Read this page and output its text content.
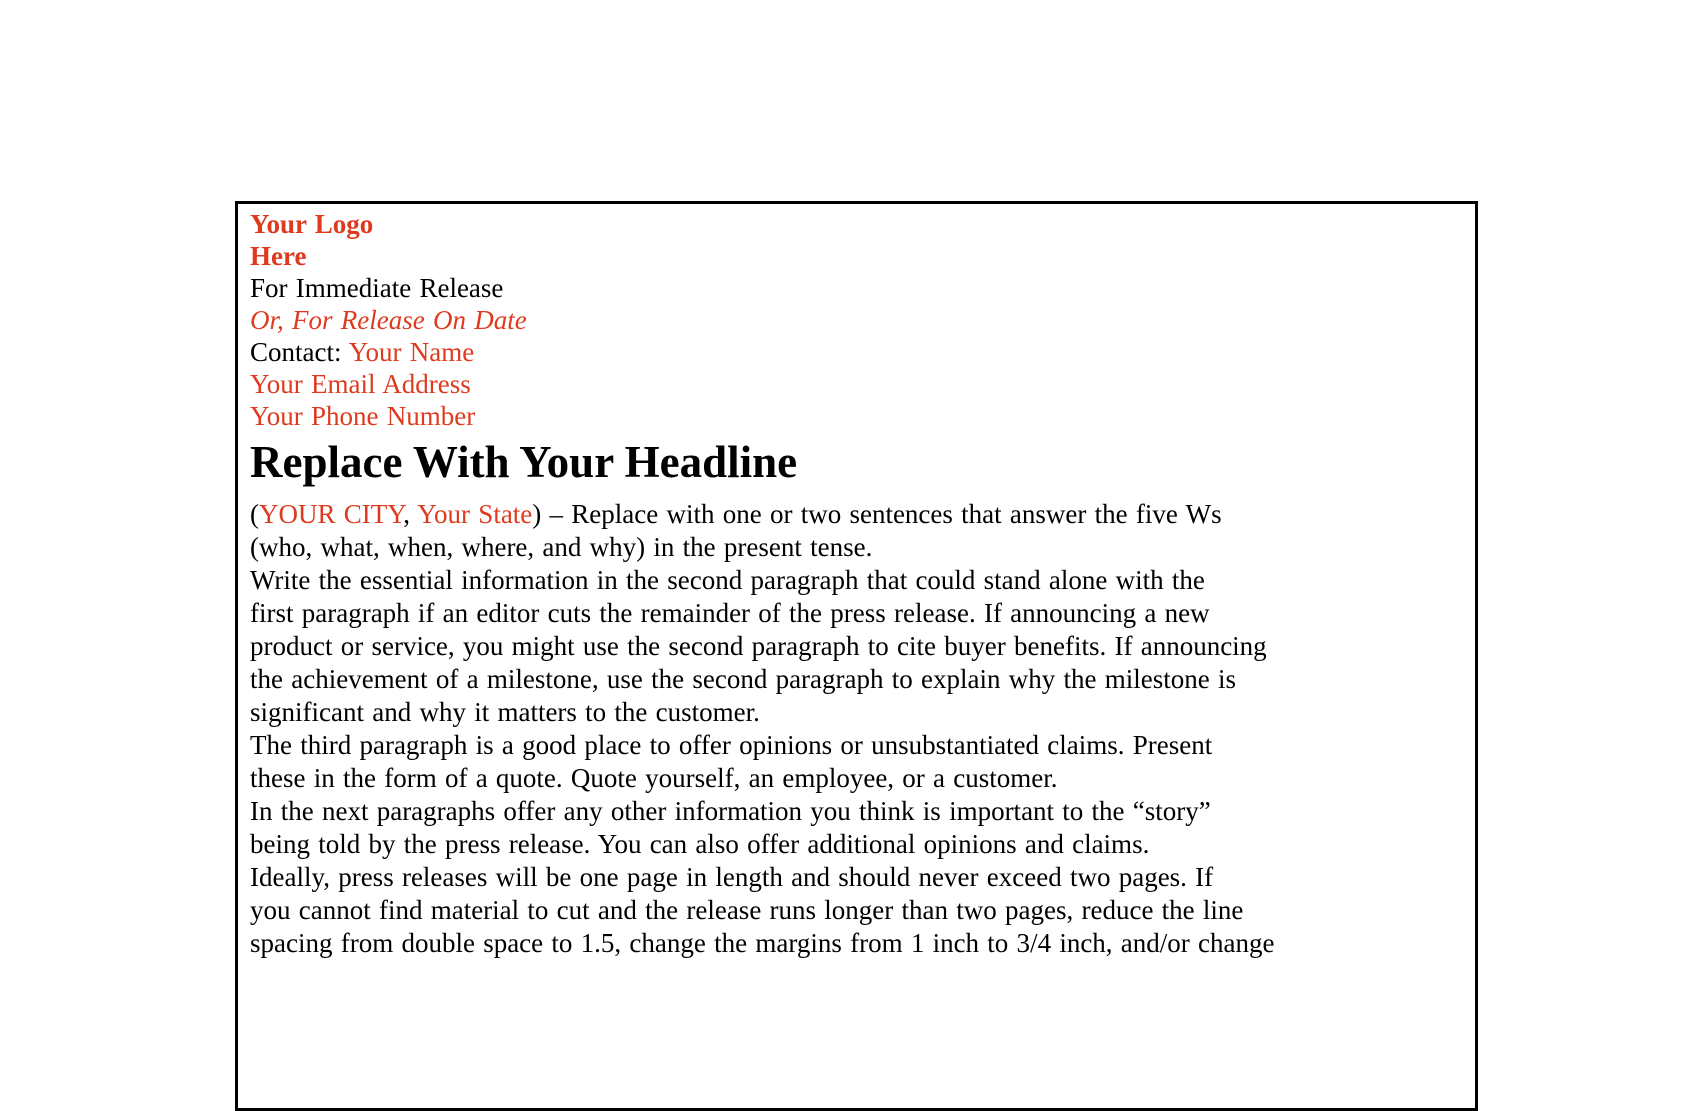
Your Logo
Here
For Immediate Release
Or, For Release On Date
Contact: Your Name
Your Email Address
Your Phone Number
Replace With Your Headline
(YOUR CITY, Your State) – Replace with one or two sentences that answer the five Ws
(who, what, when, where, and why) in the present tense.
Write the essential information in the second paragraph that could stand alone with the
first paragraph if an editor cuts the remainder of the press release. If announcing a new
product or service, you might use the second paragraph to cite buyer benefits. If announcing
the achievement of a milestone, use the second paragraph to explain why the milestone is
significant and why it matters to the customer.
The third paragraph is a good place to offer opinions or unsubstantiated claims. Present
these in the form of a quote. Quote yourself, an employee, or a customer.
In the next paragraphs offer any other information you think is important to the “story”
being told by the press release. You can also offer additional opinions and claims.
Ideally, press releases will be one page in length and should never exceed two pages. If
you cannot find material to cut and the release runs longer than two pages, reduce the line
spacing from double space to 1.5, change the margins from 1 inch to 3/4 inch, and/or change
